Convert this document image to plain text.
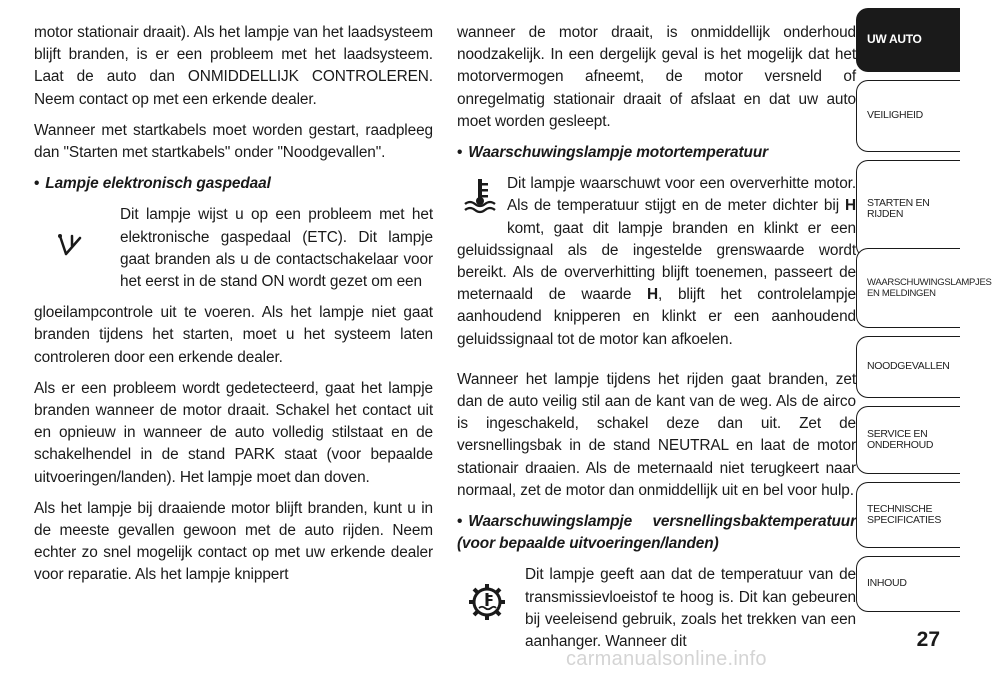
motor stationair draait). Als het lampje van het laadsysteem blijft branden, is er een probleem met het laadsysteem. Laat de auto dan ONMIDDELLIJK CONTROLEREN. Neem contact op met een erkende dealer.

Wanneer met startkabels moet worden gestart, raadpleeg dan "Starten met startkabels" onder "Noodgevallen".

• Lampje elektronisch gaspedaal

Dit lampje wijst u op een probleem met het elektronische gaspedaal (ETC). Dit lampje gaat branden als u de contactschakelaar voor het eerst in de stand ON wordt gezet om een

gloeilampcontrole uit te voeren. Als het lampje niet gaat branden tijdens het starten, moet u het systeem laten controleren door een erkende dealer.

Als er een probleem wordt gedetecteerd, gaat het lampje branden wanneer de motor draait. Schakel het contact uit en opnieuw in wanneer de auto volledig stilstaat en de schakelhendel in de stand PARK staat (voor bepaalde uitvoeringen/landen). Het lampje moet dan doven.

Als het lampje bij draaiende motor blijft branden, kunt u in de meeste gevallen gewoon met de auto rijden. Neem echter zo snel mogelijk contact op met uw erkende dealer voor reparatie. Als het lampje knippert

wanneer de motor draait, is onmiddellijk onderhoud noodzakelijk. In een dergelijk geval is het mogelijk dat het motorvermogen afneemt, de motor versneld of onregelmatig stationair draait of afslaat en dat uw auto moet worden gesleept.

• Waarschuwingslampje motortemperatuur

Dit lampje waarschuwt voor een oververhitte motor. Als de temperatuur stijgt en de meter dichter bij H komt, gaat dit lampje branden en klinkt er een geluidssignaal als de ingestelde grenswaarde wordt bereikt. Als de oververhitting blijft toenemen, passeert de meternaald de waarde H, blijft het controlelampje aanhoudend knipperen en klinkt er een aanhoudend geluidssignaal tot de motor kan afkoelen.

Wanneer het lampje tijdens het rijden gaat branden, zet dan de auto veilig stil aan de kant van de weg. Als de airco is ingeschakeld, schakel deze dan uit. Zet de versnellingsbak in de stand NEUTRAL en laat de motor stationair draaien. Als de meternaald niet terugkeert naar normaal, zet de motor dan onmiddellijk uit en bel voor hulp.

• Waarschuwingslampje versnellingsbaktemperatuur (voor bepaalde uitvoeringen/landen)

Dit lampje geeft aan dat de temperatuur van de transmissievloeistof te hoog is. Dit kan gebeuren bij veeleisend gebruik, zoals het trekken van een aanhanger. Wanneer dit

UW AUTO
VEILIGHEID
STARTEN EN RIJDEN
WAARSCHUWINGSLAMPJES EN MELDINGEN
NOODGEVALLEN
SERVICE EN ONDERHOUD
TECHNISCHE SPECIFICATIES
INHOUD
27
carmanualsonline.info
